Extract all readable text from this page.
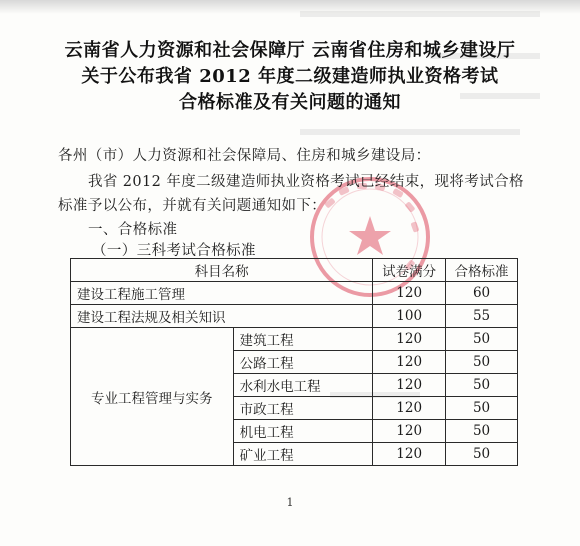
云南省人力资源和社会保障厅 云南省住房和城乡建设厅
关于公布我省 2012 年度二级建造师执业资格考试
合格标准及有关问题的通知
各州（市）人力资源和社会保障局、住房和城乡建设局：
我省 2012 年度二级建造师执业资格考试已经结束，现将考试合格
标准予以公布，并就有关问题通知如下：
一、合格标准
（一）三科考试合格标准
科目名称		试卷满分	合格标准
建设工程施工管理		120	60
建设工程法规及相关知识		100	55
专业工程管理与实务	建筑工程	120	50
	公路工程	120	50
	水利水电工程	120	50
	市政工程	120	50
	机电工程	120	50
	矿业工程	120	50
1
